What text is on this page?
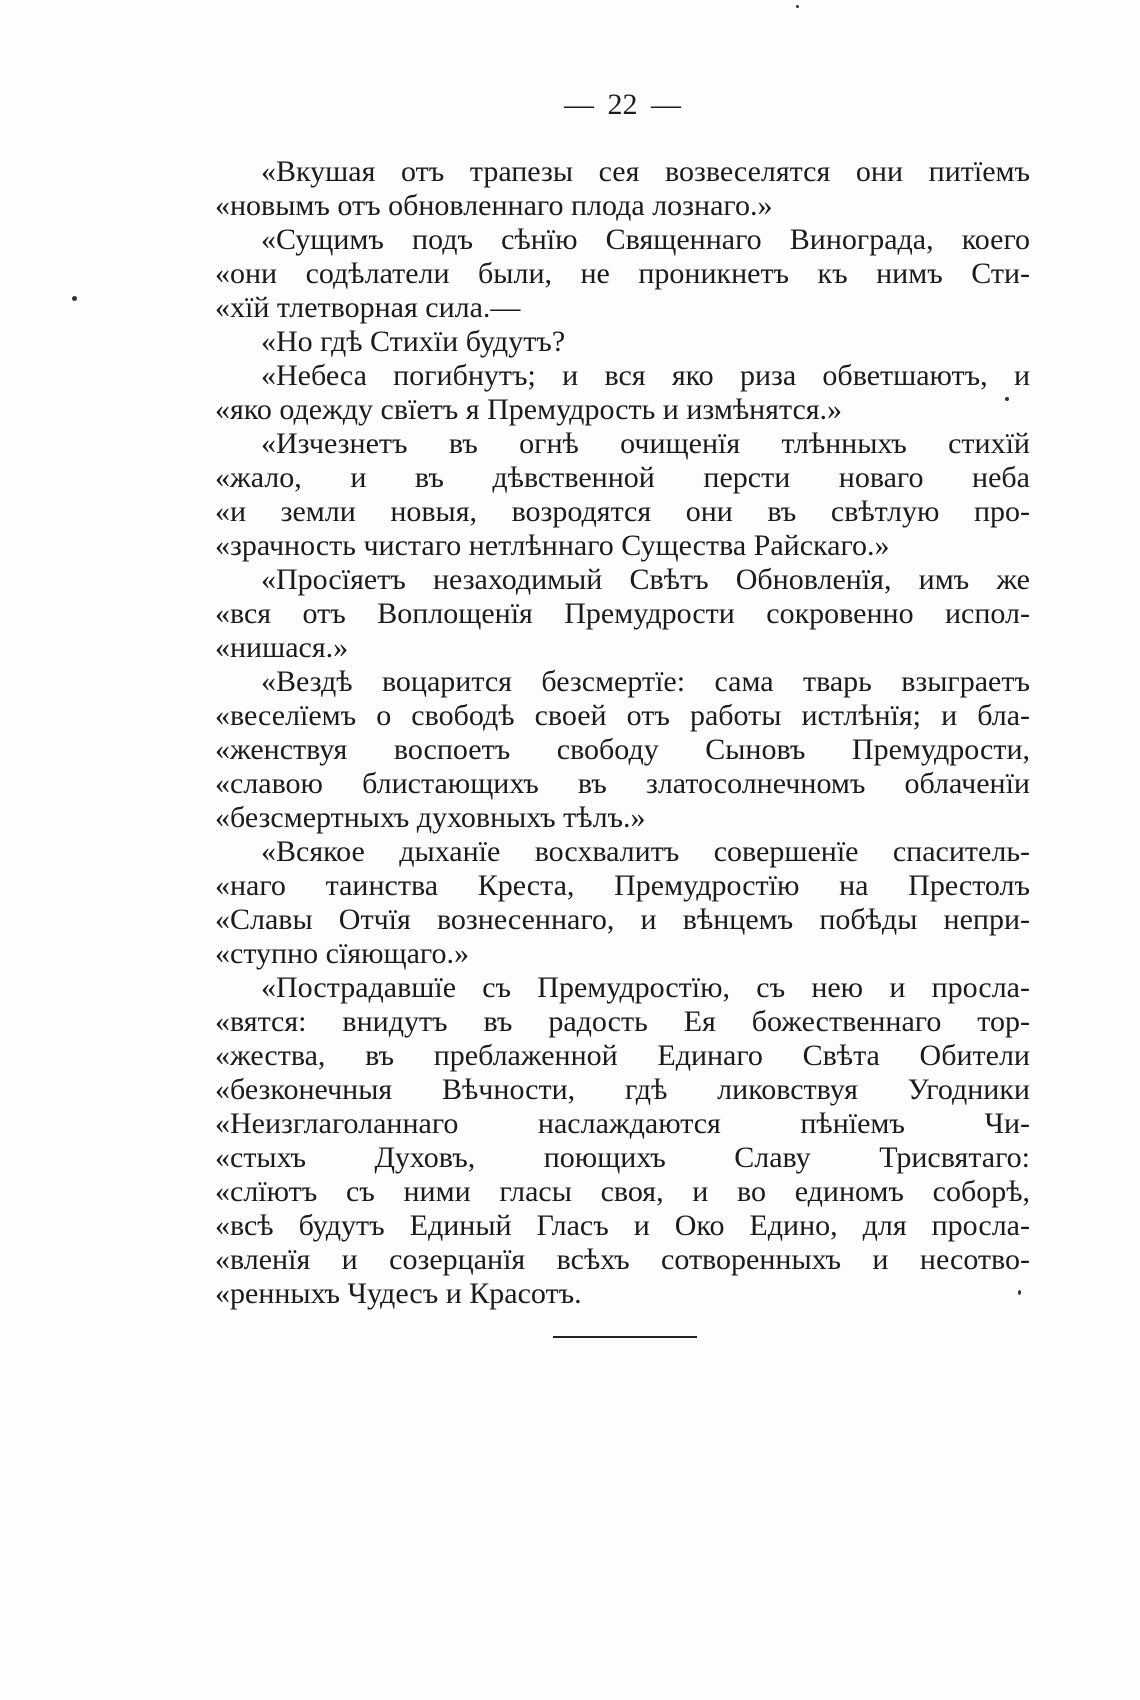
— 22 —
«Вкушая отъ трапезы сея возвеселятся они питїемъ
«новымъ отъ обновленнаго плода лознаго.»
«Сущимъ подъ сѣнїю Священнаго Винограда, коего
«они содѣлатели были, не проникнетъ къ нимъ Сти-
«хїй тлетворная сила.—
«Но гдѣ Стихїи будутъ?
«Небеса погибнутъ; и вся яко риза обветшаютъ, и
«яко одежду свїетъ я Премудрость и измѣнятся.»
«Изчезнетъ въ огнѣ очищенїя тлѣнныхъ стихїй
«жало, и въ дѣвственной персти новаго неба
«и земли новыя, возродятся они въ свѣтлую про-
«зрачность чистаго нетлѣннаго Существа Райскаго.»
«Просїяетъ незаходимый Свѣтъ Обновленїя, имъ же
«вся отъ Воплощенїя Премудрости сокровенно испол-
«нишася.»
«Вездѣ воцарится безсмертїе: сама тварь взыграетъ
«веселїемъ о свободѣ своей отъ работы истлѣнїя; и бла-
«женствуя воспоетъ свободу Сыновъ Премудрости,
«славою блистающихъ въ златосолнечномъ облаченїи
«безсмертныхъ духовныхъ тѣлъ.»
«Всякое дыханїе восхвалитъ совершенїе спаситель-
«наго таинства Креста, Премудростїю на Престолъ
«Славы Отчїя вознесеннаго, и вѣнцемъ побѣды непри-
«ступно сїяющаго.»
«Пострадавшїе съ Премудростїю, съ нею и просла-
«вятся: внидутъ въ радость Ея божественнаго тор-
«жества, въ преблаженной Единаго Свѣта Обители
«безконечныя Вѣчности, гдѣ ликовствуя Угодники
«Неизглаголаннаго наслаждаются пѣнїемъ Чи-
«стыхъ Духовъ, поющихъ Славу Трисвятаго:
«слїютъ съ ними гласы своя, и во единомъ соборѣ,
«всѣ будутъ Единый Гласъ и Око Едино, для просла-
«вленїя и созерцанїя всѣхъ сотворенныхъ и несотво-
«ренныхъ Чудесъ и Красотъ.
